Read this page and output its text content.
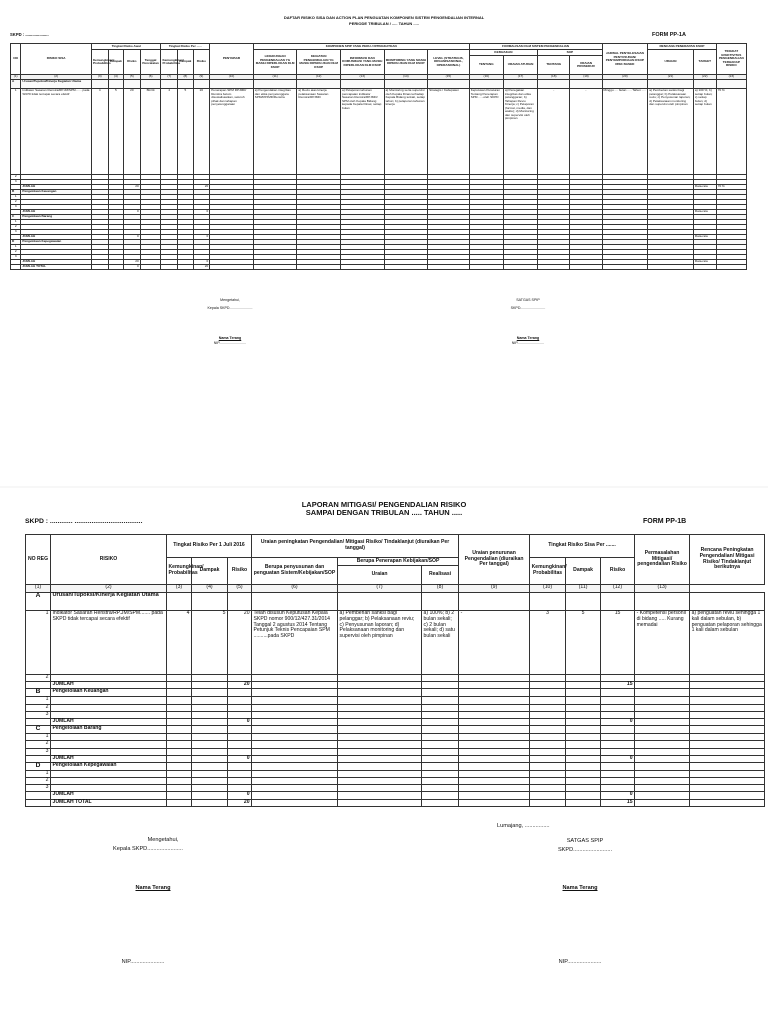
DAFTAR RISIKO SISA DAN ACTION PLAN PENGUATAN KOMPONEN SISTEM PENGENDALIAN INTERNAL
PERIODE TRIBULAN / ..... TAHUN .....
SKPD : ....................	FORM PP-1A
NO	RISIKO SISA	Tingkat Risiko Awal				Tingkat Risiko Per ......			PENYEBAB	KOMPONEN SPIP YANG PERLU DITINGKATKAN					FORMALISASI DLM SISTEM PENGENDALIAN				JADWAL PENYELESAIAN PENYUSUNAN/ PENYEMPURNAAN KSOP RISK BASED	RENCANA PENERAPAN KSOP		TINGKAT EFEKTIVITAS PENGENDALIAN TERHADAP RISIKO
		Kemungkinan/ Probabilitas	Dampak	Risiko	Tanggal Pencatatan	Kemungkinan/ Probabilitas	Dampak	Risiko		LINGKUNGAN PENGENDALIAN YG MASIH DIPERLUKAN DLM KSOP	KEGIATAN PENGENDALIAN YG MASIH DIPERLUKAN DLM KSOP	INFORMASI DAN KOMUNIKASI YANG MASIH DIPERLUKAN DLM KSOP	MONITORING YANG MASIH DIPERLUKAN DLM KSOP	LEVEL (STRATEGIS, ORGANISASIONAL, OPERASIONAL)	KEBIJAKAN		SOP			URAIAN	TARGET	
															TENTANG	URAIAN ATURAN	TENTANG	URAIAN PROSEDUR				
(1)	(2)	(3)	(4)	(5)	(6)	(7)	(8)	(9)	(10)	(11)	(12)	(13)	(14)	(15)	(16)	(17)	(18)	(19)	(20)	(21)	(22)	(23)
A	Urusan/Tupoksi/Kinerja Kegiatan Utama																					
1	Indikator Sasaran Renstra/RP.JM/SPM....... pada SKPD tidak tercapai secara efektif	4	5	20	Bln/ttt	4	5	20	Penerapan SPM RPJMD/ Renstra belum disosialisasikan, seluruh pihak dan tahapan penyelenggaraan	a) Pengendalian integritas dan etika penyelenggara SPM/RPJMD/Renstra	a) Reviu atas kinerja pelaksanaan Sasaran Renstra/RPJMD	a) Pelaporan tahunan pencapaian indikator Sasaran Renstra/RPJMD/ SPM oleh Kepala Bidang kepada Kepala Dinas; setiap bulan	a) Monitoring serta supervisi oleh Kepala Dinas terhadap Kepala Bidang terkait, setiap tahun; b) pelaporan tahunan kinerja	Strategis / Kabupaten	Keputusan Peraturan Tentang Penerapan SPM ......oleh SKPD	a) Penegakan integritas dan etika pelanggaran; b) Tahapan Reviu Kinerja; c) Pelaporan (format, media, dan waktu); d) Monitoring dan supervisi oleh pimpinan	-	-	Minggu .... bulan ..... Tahun .....	a) Pemberian sanksi bagi pelanggar; b) Pelaksanaan reviu; c) Penyusunan laporan; d) Pelaksanaan monitoring dan supervisi oleh pimpinan	a) 100 %; b) setiap bulan; c) setiap bulan; d) setiap bulan	70 %
2																						
3																						
	JUMLAH			20				20													Rata-rata	70 %
B	Pengelolaan Keuangan																					
1																						
2																						
3																						
	JUMLAH			0				0													Rata-rata	
C	Pengelolaan Barang																					
1																						
2																						
3																						
	JUMLAH			0				0													Rata-rata	
D	Pengelolaan Kepegawaian																					
1																						
2																						
3																						
	JUMLAH			20				0													Rata-rata	
	JUMLAH TOTAL			0				20														
Mengetahui,
Kepala SKPD.......................
SATGAS SPIP
SKPD.........................
Nama Terang
NIP...........................
Nama Terang
NIP...........................
LAPORAN MITIGASI/ PENGENDALIAN RISIKO
SAMPAI DENGAN TRIBULAN ..... TAHUN .....
SKPD : ............ ....................................	FORM PP-1B
NO REG	RISIKO	Tingkat Risiko Per 1 Juli 2016			Uraian peningkatan Pengendalian/ Mitigasi Risiko/ Tindaklanjut (diuraikan Per tanggal)			Uraian penurunan Pengendalian (diuraikan Per tanggal)	Tingkat Risiko Sisa Per .......			Permasalahan Mitigasi/ pengendalian Risiko	Rencana Peningkatan Pengendalian/ Mitigasi Risiko/ Tindaklanjut berikutnya
		Kemungkinan/ Probabilitas	Dampak	Risiko	Berupa penyusunan dan penguatan Sistem/Kebijakan/SOP	Berupa Penerapan Kebijakan/SOP			Kemungkinan/ Probabilitas	Dampak	Risiko		
						Uraian	Realisasi						
(1)	(2)	(3)	(4)	(5)	(6)	(7)	(8)	(9)	(10)	(11)	(12)	(13)
A	Urusan/Tupoksi/Kinerja Kegiatan Utama												
1	Indikator Sasaran Renstra/RP.JM/SPM....... pada SKPD tidak tercapai secara efektif	4	5	20	Telah disusun Keputusan Kepala SKPD nomor 900/12/427.31/2014 Tanggal 2 agustus 2014 Tentang Petunjuk Teknis Pencapaian SPM ..........pada SKPD	a) Pemberian sanksi bagi pelanggar; b) Pelaksanaan reviu; c) Penyusunan laporan; d) Pelaksanaan monitoring dan supervisi oleh pimpinan	a) 100%; b) 2 bulan sekali; c) 2 bulan sekali; d) satu bulan sekali	-	3	5	15	- Kompetensi personil di bidang ..... Kurang memadai	a) penguatan reviu sehingga 1 kali dalam sebulan, b) penguatan pelaporan sehingga 1 kali dalam sebulan
2													
	JUMLAH			20							15		
B	Pengelolaan Keuangan												
1													
2													
3													
	JUMLAH			0							0		
C	Pengelolaan Barang												
1													
2													
3													
	JUMLAH			0							0		
D	Pengelolaan Kepegawaian												
1													
2													
3													
	JUMLAH			0							0		
	JUMLAH TOTAL			20							15		
Lumajang, ................
Mengetahui,
Kepala SKPD.......................
SATGAS SPIP
SKPD.........................
Nama Terang	Nama Terang
NIP......................	NIP......................
